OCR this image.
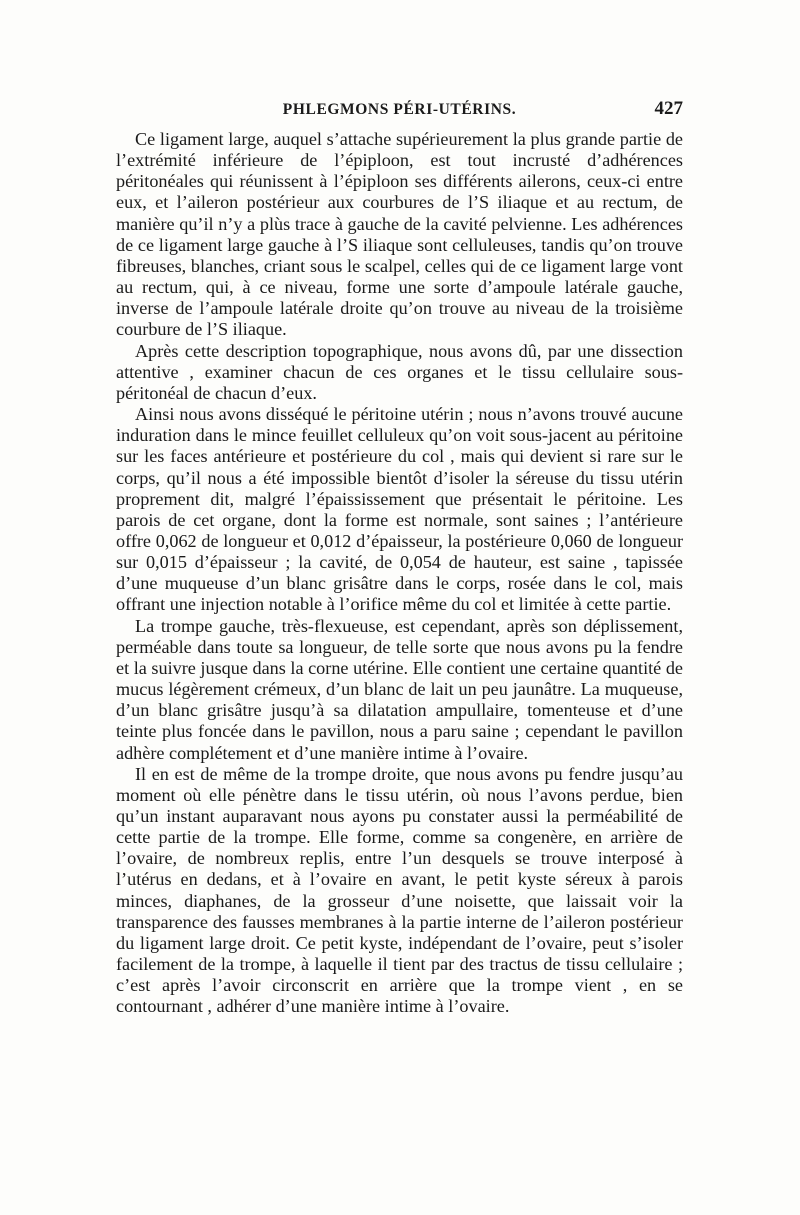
PHLEGMONS PÉRI-UTÉRINS.	427

Ce ligament large, auquel s’attache supérieurement la plus grande partie de l’extrémité inférieure de l’épiploon, est tout incrusté d’adhérences péritonéales qui réunissent à l’épiploon ses différents ailerons, ceux-ci entre eux, et l’aileron postérieur aux courbures de l’S iliaque et au rectum, de manière qu’il n’y a plùs trace à gauche de la cavité pelvienne. Les adhérences de ce ligament large gauche à l’S iliaque sont celluleuses, tandis qu’on trouve fibreuses, blanches, criant sous le scalpel, celles qui de ce ligament large vont au rectum, qui, à ce niveau, forme une sorte d’ampoule latérale gauche, inverse de l’ampoule latérale droite qu’on trouve au niveau de la troisième courbure de l’S iliaque.

Après cette description topographique, nous avons dû, par une dissection attentive , examiner chacun de ces organes et le tissu cellulaire sous-péritonéal de chacun d’eux.

Ainsi nous avons disséqué le péritoine utérin ; nous n’avons trouvé aucune induration dans le mince feuillet celluleux qu’on voit sous-jacent au péritoine sur les faces antérieure et postérieure du col , mais qui devient si rare sur le corps, qu’il nous a été impossible bientôt d’isoler la séreuse du tissu utérin proprement dit, malgré l’épaississement que présentait le péritoine. Les parois de cet organe, dont la forme est normale, sont saines ; l’antérieure offre 0,062 de longueur et 0,012 d’épaisseur, la postérieure 0,060 de longueur sur 0,015 d’épaisseur ; la cavité, de 0,054 de hauteur, est saine , tapissée d’une muqueuse d’un blanc grisâtre dans le corps, rosée dans le col, mais offrant une injection notable à l’orifice même du col et limitée à cette partie.

La trompe gauche, très-flexueuse, est cependant, après son déplissement, perméable dans toute sa longueur, de telle sorte que nous avons pu la fendre et la suivre jusque dans la corne utérine. Elle contient une certaine quantité de mucus légèrement crémeux, d’un blanc de lait un peu jaunâtre. La muqueuse, d’un blanc grisâtre jusqu’à sa dilatation ampullaire, tomenteuse et d’une teinte plus foncée dans le pavillon, nous a paru saine ; cependant le pavillon adhère complétement et d’une manière intime à l’ovaire.

Il en est de même de la trompe droite, que nous avons pu fendre jusqu’au moment où elle pénètre dans le tissu utérin, où nous l’avons perdue, bien qu’un instant auparavant nous ayons pu constater aussi la perméabilité de cette partie de la trompe. Elle forme, comme sa congenère, en arrière de l’ovaire, de nombreux replis, entre l’un desquels se trouve interposé à l’utérus en dedans, et à l’ovaire en avant, le petit kyste séreux à parois minces, diaphanes, de la grosseur d’une noisette, que laissait voir la transparence des fausses membranes à la partie interne de l’aileron postérieur du ligament large droit. Ce petit kyste, indépendant de l’ovaire, peut s’isoler facilement de la trompe, à laquelle il tient par des tractus de tissu cellulaire ; c’est après l’avoir circonscrit en arrière que la trompe vient , en se contournant , adhérer d’une manière intime à l’ovaire.
